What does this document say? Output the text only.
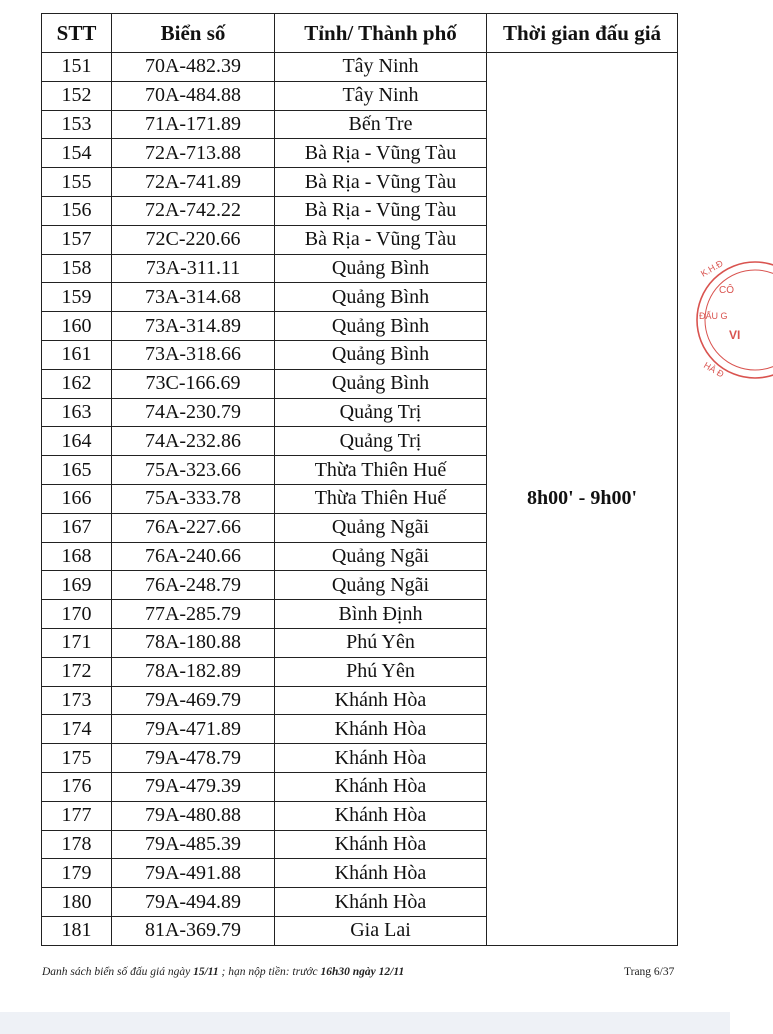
STT	Biển số	Tỉnh/ Thành phố	Thời gian đấu giá
151	70A-482.39	Tây Ninh	8h00' - 9h00'
152	70A-484.88	Tây Ninh	
153	71A-171.89	Bến Tre	
154	72A-713.88	Bà Rịa - Vũng Tàu	
155	72A-741.89	Bà Rịa - Vũng Tàu	
156	72A-742.22	Bà Rịa - Vũng Tàu	
157	72C-220.66	Bà Rịa - Vũng Tàu	
158	73A-311.11	Quảng Bình	
159	73A-314.68	Quảng Bình	
160	73A-314.89	Quảng Bình	
161	73A-318.66	Quảng Bình	
162	73C-166.69	Quảng Bình	
163	74A-230.79	Quảng Trị	
164	74A-232.86	Quảng Trị	
165	75A-323.66	Thừa Thiên Huế	
166	75A-333.78	Thừa Thiên Huế	
167	76A-227.66	Quảng Ngãi	
168	76A-240.66	Quảng Ngãi	
169	76A-248.79	Quảng Ngãi	
170	77A-285.79	Bình Định	
171	78A-180.88	Phú Yên	
172	78A-182.89	Phú Yên	
173	79A-469.79	Khánh Hòa	
174	79A-471.89	Khánh Hòa	
175	79A-478.79	Khánh Hòa	
176	79A-479.39	Khánh Hòa	
177	79A-480.88	Khánh Hòa	
178	79A-485.39	Khánh Hòa	
179	79A-491.88	Khánh Hòa	
180	79A-494.89	Khánh Hòa	
181	81A-369.79	Gia Lai	
Danh sách biển số đấu giá ngày 15/11 ; hạn nộp tiền: trước 16h30 ngày 12/11	Trang 6/37
K.H.Đ
CÔ
ĐẤU G
VI
HÀ Đ
